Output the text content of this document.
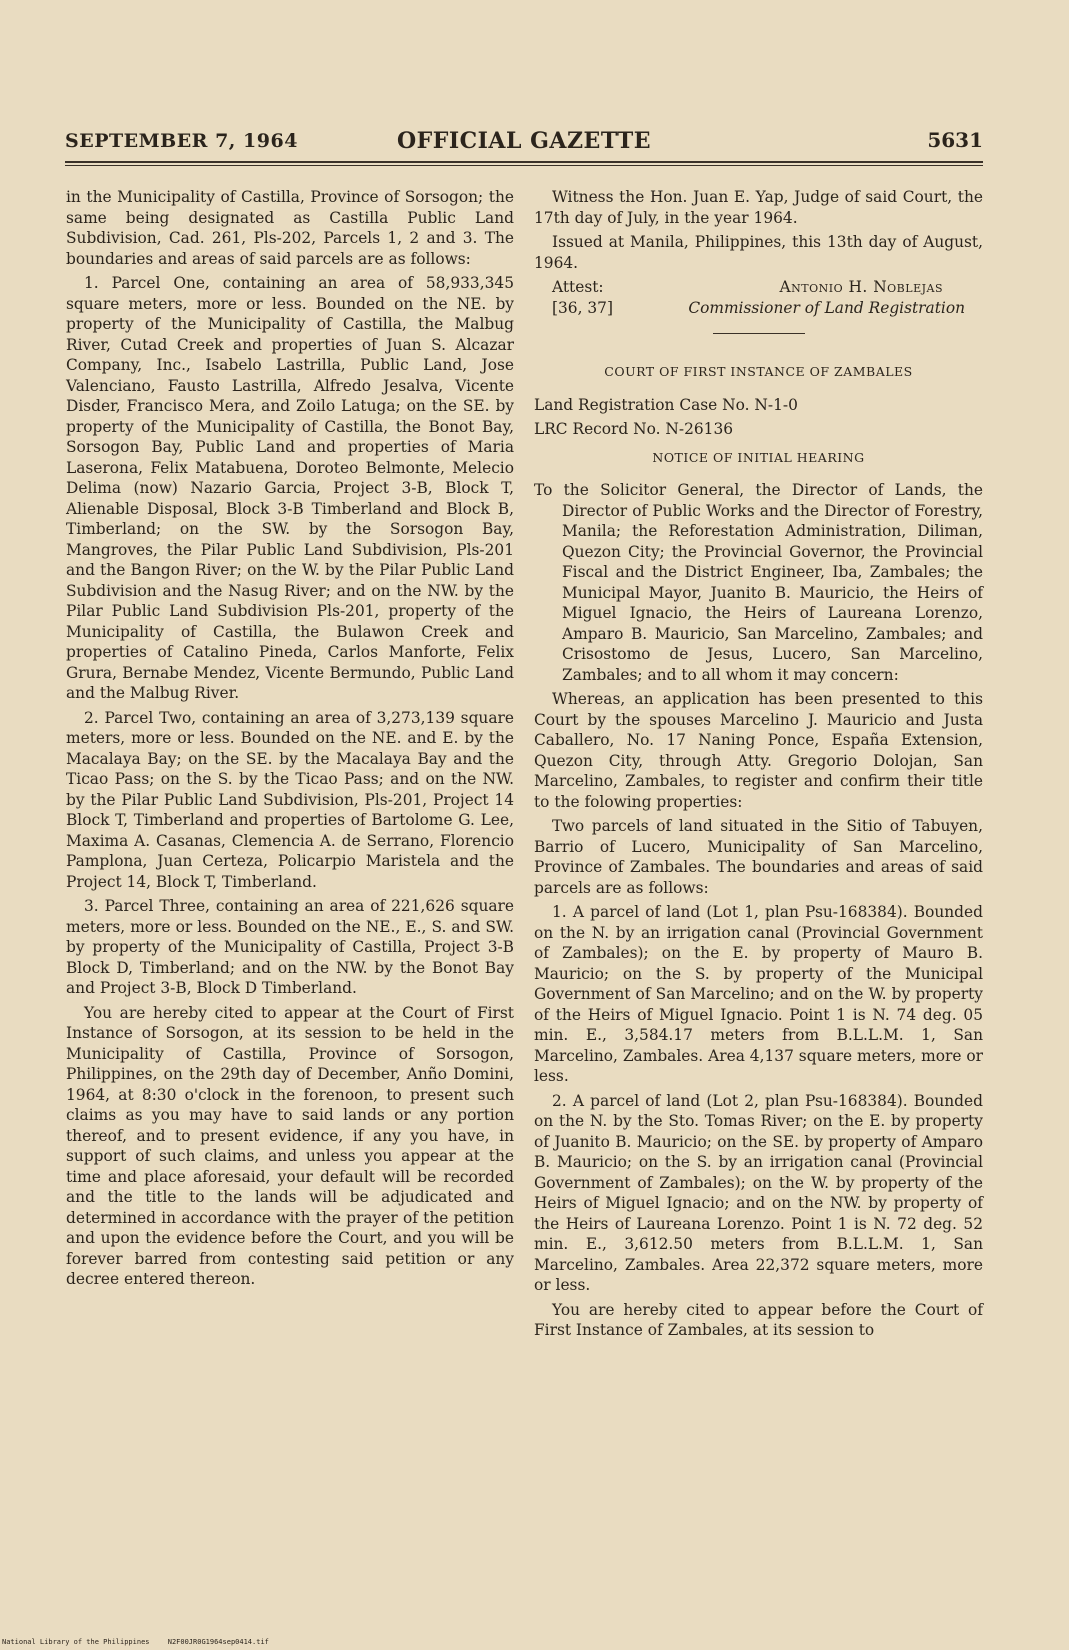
SEPTEMBER 7, 1964	OFFICIAL GAZETTE	5631

in the Municipality of Castilla, Province of Sorsogon; the same being designated as Castilla Public Land Subdivision, Cad. 261, Pls-202, Parcels 1, 2 and 3. The boundaries and areas of said parcels are as follows:

1. Parcel One, containing an area of 58,933,345 square meters, more or less. Bounded on the NE. by property of the Municipality of Castilla, the Malbug River, Cutad Creek and properties of Juan S. Alcazar Company, Inc., Isabelo Lastrilla, Public Land, Jose Valenciano, Fausto Lastrilla, Alfredo Jesalva, Vicente Disder, Francisco Mera, and Zoilo Latuga; on the SE. by property of the Municipality of Castilla, the Bonot Bay, Sorsogon Bay, Public Land and properties of Maria Laserona, Felix Matabuena, Doroteo Belmonte, Melecio Delima (now) Nazario Garcia, Project 3-B, Block T, Alienable Disposal, Block 3-B Timberland and Block B, Timberland; on the SW. by the Sorsogon Bay, Mangroves, the Pilar Public Land Subdivision, Pls-201 and the Bangon River; on the W. by the Pilar Public Land Subdivision and the Nasug River; and on the NW. by the Pilar Public Land Subdivision Pls-201, property of the Municipality of Castilla, the Bulawon Creek and properties of Catalino Pineda, Carlos Manforte, Felix Grura, Bernabe Mendez, Vicente Bermundo, Public Land and the Malbug River.

2. Parcel Two, containing an area of 3,273,139 square meters, more or less. Bounded on the NE. and E. by the Macalaya Bay; on the SE. by the Macalaya Bay and the Ticao Pass; on the S. by the Ticao Pass; and on the NW. by the Pilar Public Land Subdivision, Pls-201, Project 14 Block T, Timberland and properties of Bartolome G. Lee, Maxima A. Casanas, Clemencia A. de Serrano, Florencio Pamplona, Juan Certeza, Policarpio Maristela and the Project 14, Block T, Timberland.

3. Parcel Three, containing an area of 221,626 square meters, more or less. Bounded on the NE., E., S. and SW. by property of the Municipality of Castilla, Project 3-B Block D, Timberland; and on the NW. by the Bonot Bay and Project 3-B, Block D Timberland.

You are hereby cited to appear at the Court of First Instance of Sorsogon, at its session to be held in the Municipality of Castilla, Province of Sorsogon, Philippines, on the 29th day of December, Anño Domini, 1964, at 8:30 o'clock in the forenoon, to present such claims as you may have to said lands or any portion thereof, and to present evidence, if any you have, in support of such claims, and unless you appear at the time and place aforesaid, your default will be recorded and the title to the lands will be adjudicated and determined in accordance with the prayer of the petition and upon the evidence before the Court, and you will be forever barred from contesting said petition or any decree entered thereon.

Witness the Hon. Juan E. Yap, Judge of said Court, the 17th day of July, in the year 1964.

Issued at Manila, Philippines, this 13th day of August, 1964.

Attest:	Antonio H. Noblejas
[36, 37]	Commissioner of Land Registration
COURT OF FIRST INSTANCE OF ZAMBALES

Land Registration Case No. N-1-0

LRC Record No. N-26136

NOTICE OF INITIAL HEARING

To the Solicitor General, the Director of Lands, the Director of Public Works and the Director of Forestry, Manila; the Reforestation Administration, Diliman, Quezon City; the Provincial Governor, the Provincial Fiscal and the District Engineer, Iba, Zambales; the Municipal Mayor, Juanito B. Mauricio, the Heirs of Miguel Ignacio, the Heirs of Laureana Lorenzo, Amparo B. Mauricio, San Marcelino, Zambales; and Crisostomo de Jesus, Lucero, San Marcelino, Zambales; and to all whom it may concern:

Whereas, an application has been presented to this Court by the spouses Marcelino J. Mauricio and Justa Caballero, No. 17 Naning Ponce, España Extension, Quezon City, through Atty. Gregorio Dolojan, San Marcelino, Zambales, to register and confirm their title to the folowing properties:

Two parcels of land situated in the Sitio of Tabuyen, Barrio of Lucero, Municipality of San Marcelino, Province of Zambales. The boundaries and areas of said parcels are as follows:

1. A parcel of land (Lot 1, plan Psu-168384). Bounded on the N. by an irrigation canal (Provincial Government of Zambales); on the E. by property of Mauro B. Mauricio; on the S. by property of the Municipal Government of San Marcelino; and on the W. by property of the Heirs of Miguel Ignacio. Point 1 is N. 74 deg. 05 min. E., 3,584.17 meters from B.L.L.M. 1, San Marcelino, Zambales. Area 4,137 square meters, more or less.

2. A parcel of land (Lot 2, plan Psu-168384). Bounded on the N. by the Sto. Tomas River; on the E. by property of Juanito B. Mauricio; on the SE. by property of Amparo B. Mauricio; on the S. by an irrigation canal (Provincial Government of Zambales); on the W. by property of the Heirs of Miguel Ignacio; and on the NW. by property of the Heirs of Laureana Lorenzo. Point 1 is N. 72 deg. 52 min. E., 3,612.50 meters from B.L.L.M. 1, San Marcelino, Zambales. Area 22,372 square meters, more or less.

You are hereby cited to appear before the Court of First Instance of Zambales, at its session to

National Library of the Philippines	N2F00JR0G1964sep0414.tif
